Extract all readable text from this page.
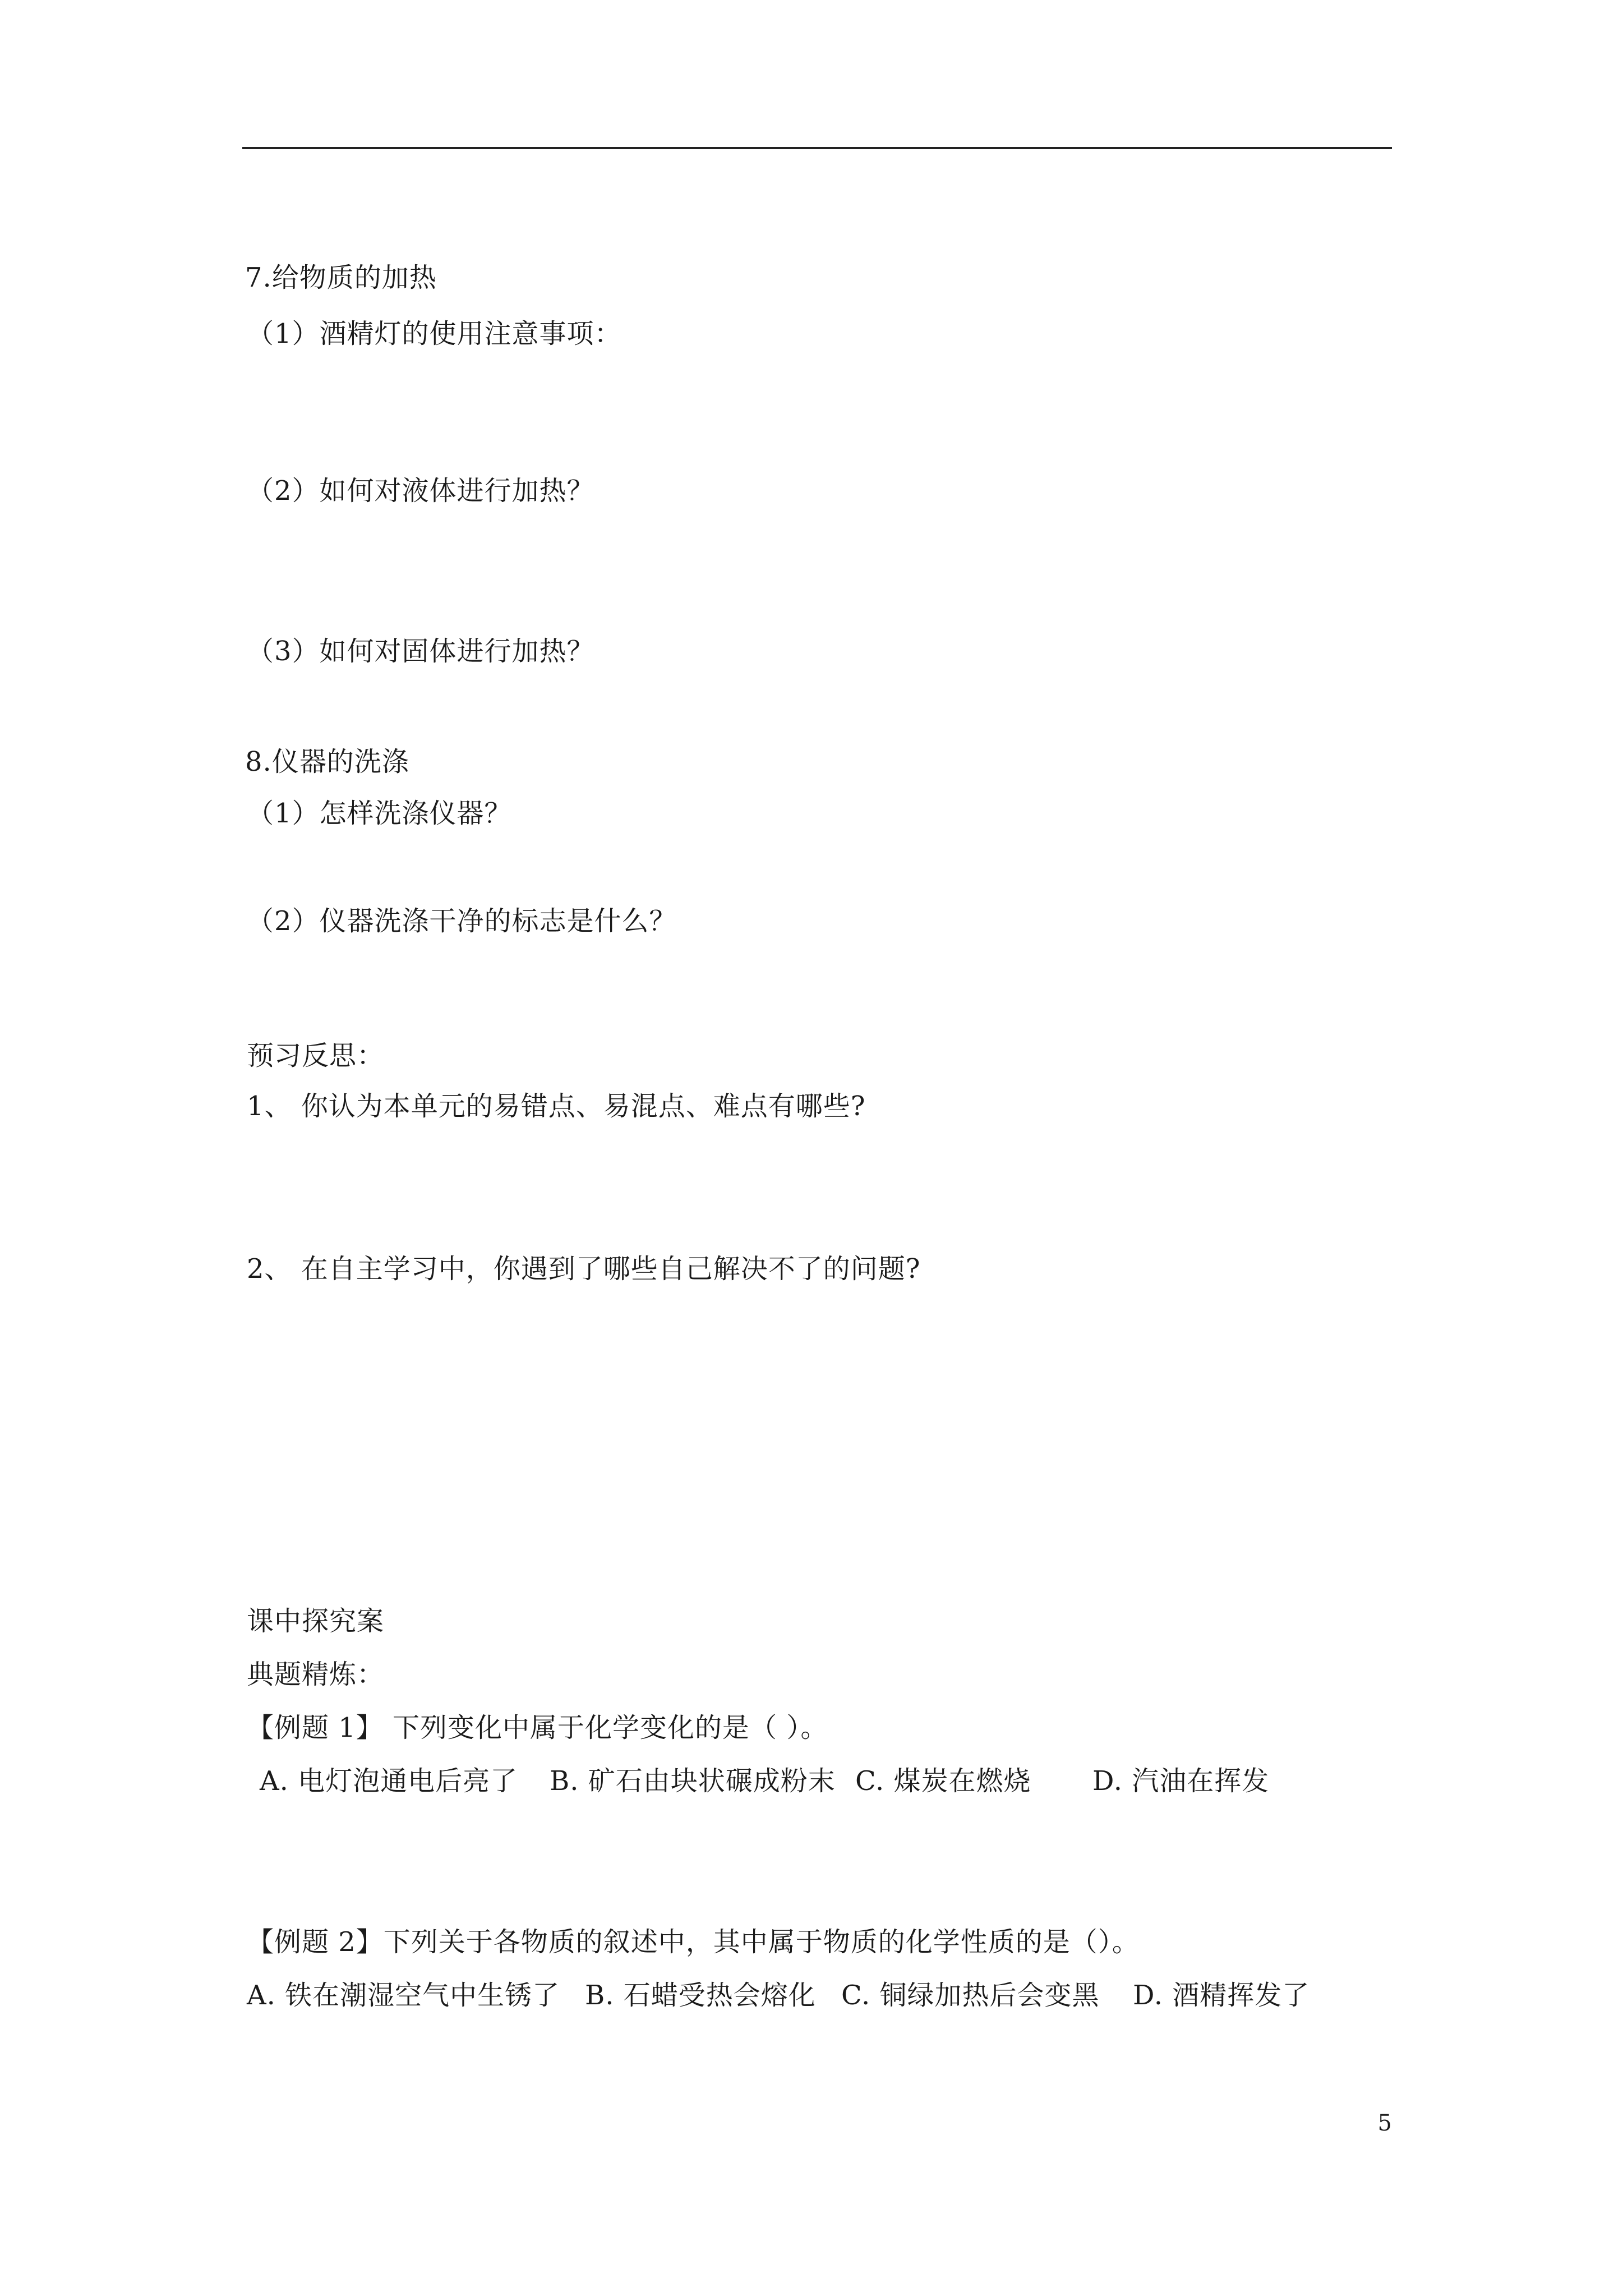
7.给物质的加热
（1）酒精灯的使用注意事项：
（2）如何对液体进行加热？
（3）如何对固体进行加热？
8.仪器的洗涤
（1）怎样洗涤仪器？
（2）仪器洗涤干净的标志是什么？
预习反思：
1、 你认为本单元的易错点、易混点、难点有哪些?
2、 在自主学习中，你遇到了哪些自己解决不了的问题?
课中探究案
典题精炼：
【例题 1】 下列变化中属于化学变化的是（ ）。
A. 电灯泡通电后亮了 B. 矿石由块状碾成粉末 C. 煤炭在燃烧 D. 汽油在挥发
【例题 2】下列关于各物质的叙述中，其中属于物质的化学性质的是（）。
A. 铁在潮湿空气中生锈了 B. 石蜡受热会熔化 C. 铜绿加热后会变黑 D. 酒精挥发了
5
